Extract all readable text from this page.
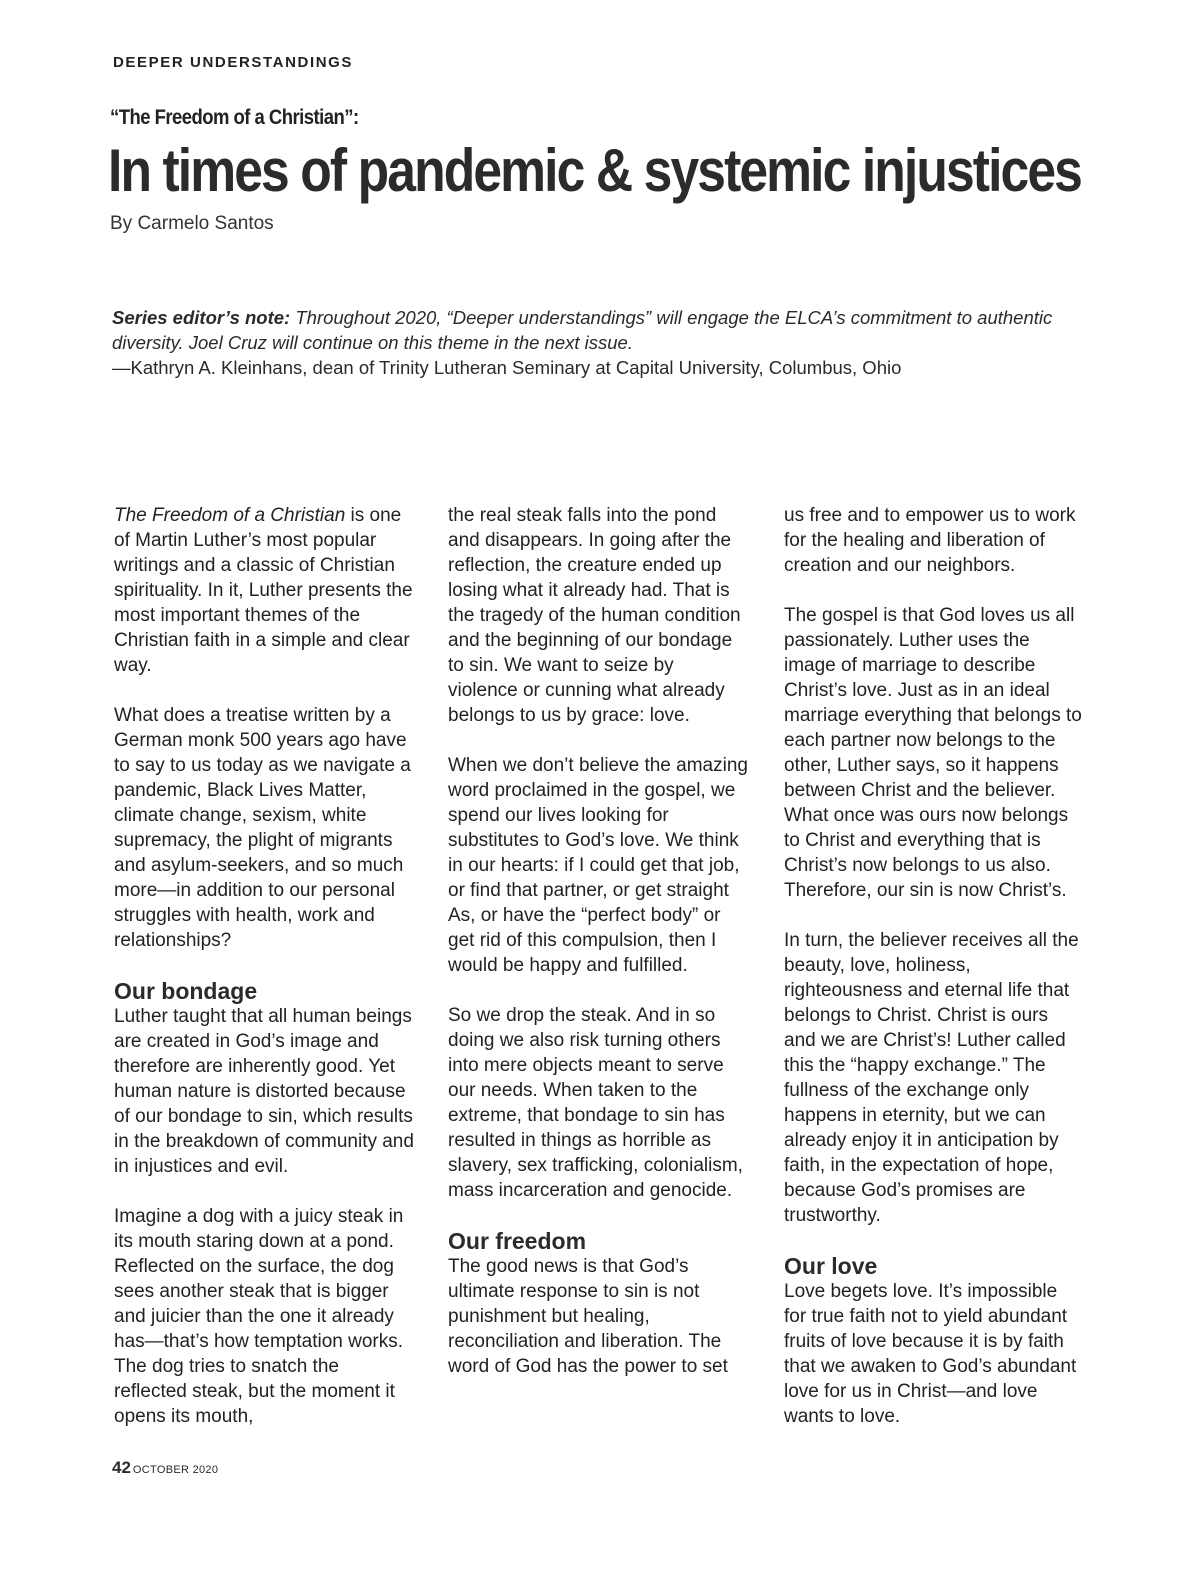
DEEPER UNDERSTANDINGS
“The Freedom of a Christian”:
In times of pandemic & systemic injustices
By Carmelo Santos
Series editor’s note: Throughout 2020, “Deeper understandings” will engage the ELCA’s commitment to authentic diversity. Joel Cruz will continue on this theme in the next issue.
—Kathryn A. Kleinhans, dean of Trinity Lutheran Seminary at Capital University, Columbus, Ohio

The Freedom of a Christian is one of Martin Luther’s most popular writings and a classic of Christian spirituality. In it, Luther presents the most important themes of the Christian faith in a simple and clear way.

What does a treatise written by a German monk 500 years ago have to say to us today as we navigate a pandemic, Black Lives Matter, climate change, sexism, white supremacy, the plight of migrants and asylum-seekers, and so much more—in addition to our personal struggles with health, work and relationships?

Our bondage

Luther taught that all human beings are created in God’s image and therefore are inherently good. Yet human nature is distorted because of our bondage to sin, which results in the breakdown of community and in injustices and evil.

Imagine a dog with a juicy steak in its mouth staring down at a pond. Reflected on the surface, the dog sees another steak that is bigger and juicier than the one it already has—that’s how temptation works. The dog tries to snatch the reflected steak, but the moment it opens its mouth,

the real steak falls into the pond and disappears. In going after the reflection, the creature ended up losing what it already had. That is the tragedy of the human condition and the beginning of our bondage to sin. We want to seize by violence or cunning what already belongs to us by grace: love.

When we don’t believe the amazing word proclaimed in the gospel, we spend our lives looking for substitutes to God’s love. We think in our hearts: if I could get that job, or find that partner, or get straight As, or have the “perfect body” or get rid of this compulsion, then I would be happy and fulfilled.

So we drop the steak. And in so doing we also risk turning others into mere objects meant to serve our needs. When taken to the extreme, that bondage to sin has resulted in things as horrible as slavery, sex trafficking, colonialism, mass incarceration and genocide.

Our freedom

The good news is that God’s ultimate response to sin is not punishment but healing, reconciliation and liberation. The word of God has the power to set

us free and to empower us to work for the healing and liberation of creation and our neighbors.

The gospel is that God loves us all passionately. Luther uses the image of marriage to describe Christ’s love. Just as in an ideal marriage everything that belongs to each partner now belongs to the other, Luther says, so it happens between Christ and the believer. What once was ours now belongs to Christ and everything that is Christ’s now belongs to us also. Therefore, our sin is now Christ’s.

In turn, the believer receives all the beauty, love, holiness, righteousness and eternal life that belongs to Christ. Christ is ours and we are Christ’s! Luther called this the “happy exchange.” The fullness of the exchange only happens in eternity, but we can already enjoy it in anticipation by faith, in the expectation of hope, because God’s promises are trustworthy.

Our love

Love begets love. It’s impossible for true faith not to yield abundant fruits of love because it is by faith that we awaken to God’s abundant love for us in Christ—and love wants to love.

42 OCTOBER 2020
